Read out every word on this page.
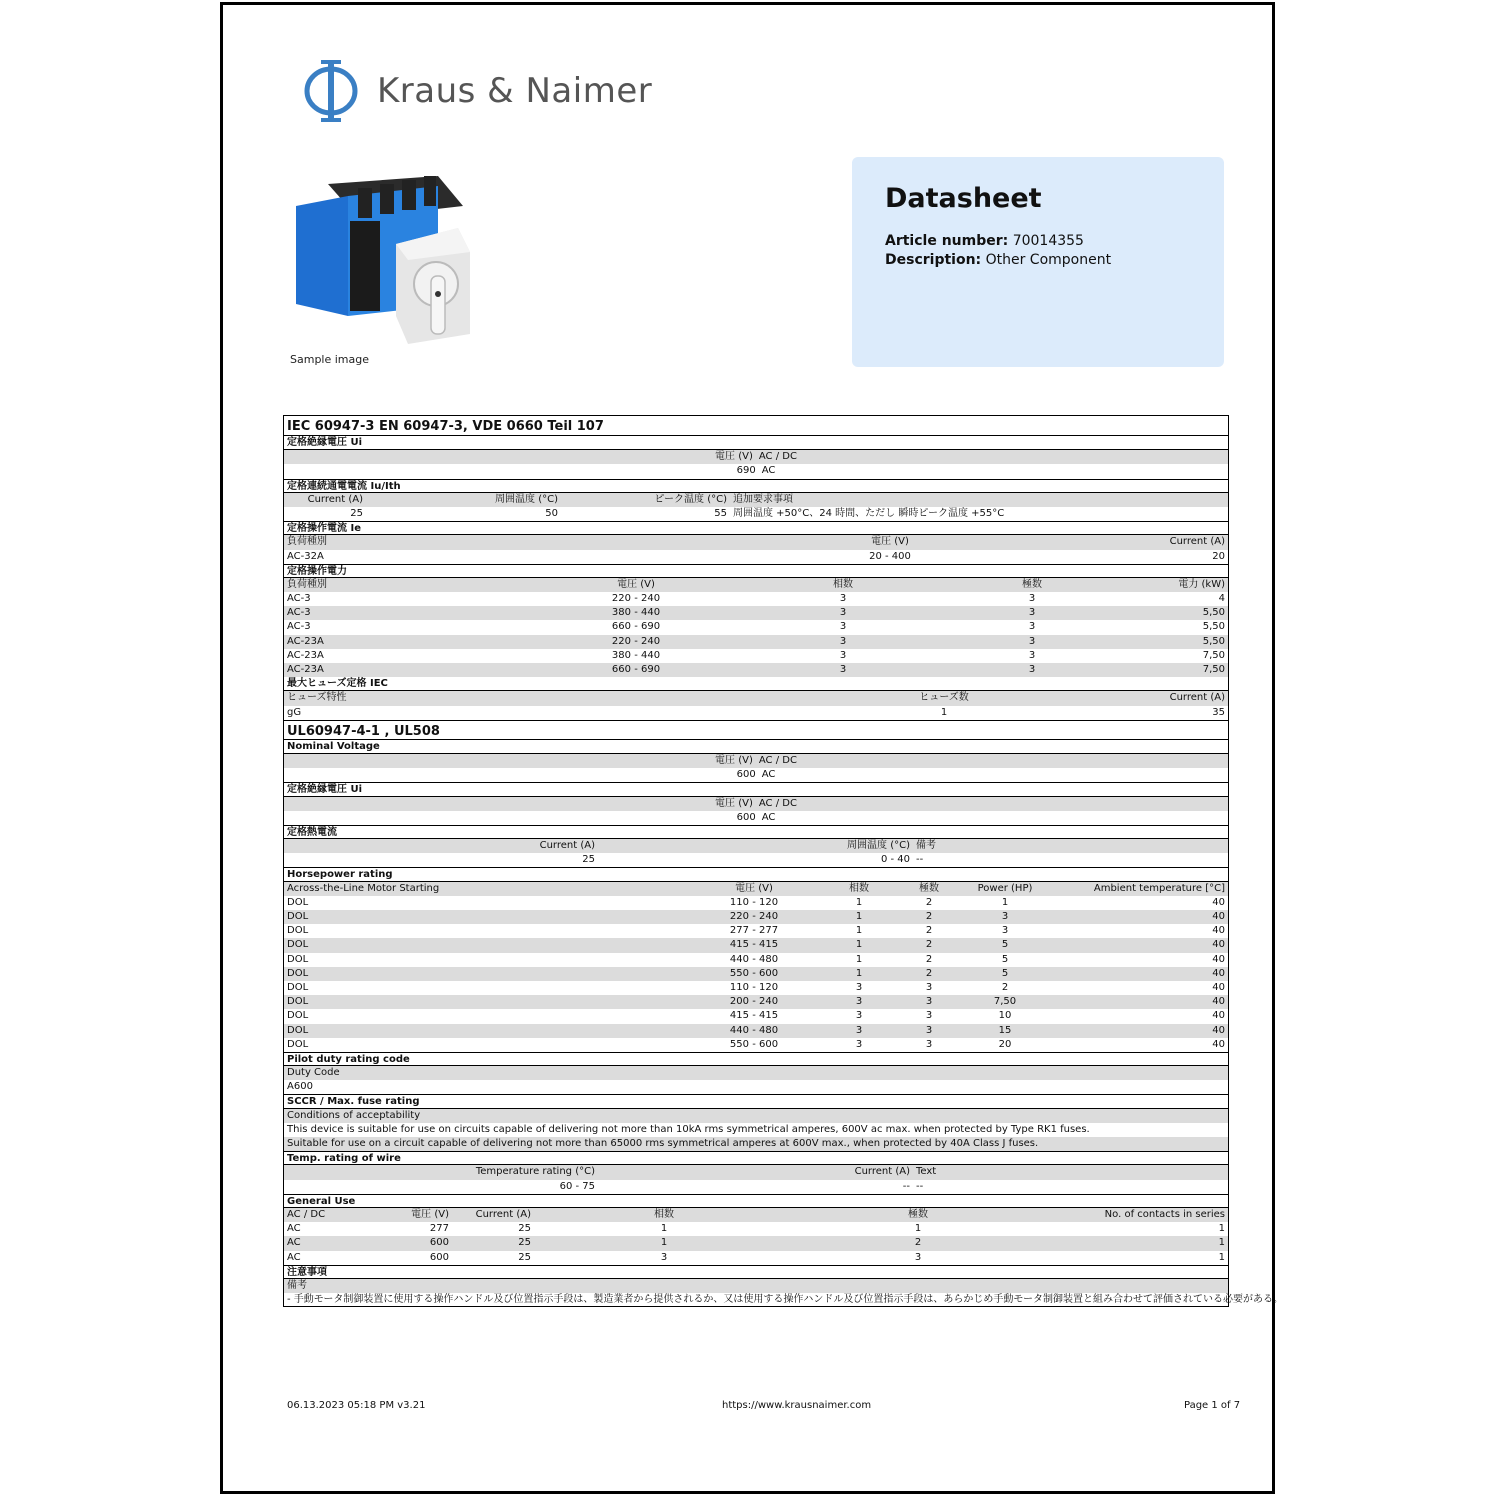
Kraus & Naimer
Sample image
Datasheet
Article number: 70014355
Description: Other Component
IEC 60947-3 EN 60947-3, VDE 0660 Teil 107
定格絶縁電圧 Ui
電圧 (V) AC / DC
690 AC
定格連続通電電流 Iu/Ith
Current (A)	周囲温度 (°C)	ピーク温度 (°C) 追加要求事項
25	50	55 周囲温度 +50°C、24 時間、ただし 瞬時ピーク温度 +55°C
定格操作電流 Ie
負荷種別	電圧 (V)	Current (A)
AC-32A	20 - 400	20
定格操作電力
負荷種別	電圧 (V)	相数	極数	電力 (kW)
AC-3	220 - 240	3	3	4
AC-3	380 - 440	3	3	5,50
AC-3	660 - 690	3	3	5,50
AC-23A	220 - 240	3	3	5,50
AC-23A	380 - 440	3	3	7,50
AC-23A	660 - 690	3	3	7,50
最大ヒューズ定格 IEC
ヒューズ特性	ヒューズ数	Current (A)
gG	1	35
UL60947-4-1 , UL508
Nominal Voltage
電圧 (V) AC / DC
600 AC
定格絶縁電圧 Ui
電圧 (V) AC / DC
600 AC
定格熱電流
Current (A)	周囲温度 (°C) 備考
25	0 - 40 --
Horsepower rating
Across-the-Line Motor Starting	電圧 (V)	相数	極数	Power (HP)	Ambient temperature [°C]
DOL	110 - 120	1	2	1	40
DOL	220 - 240	1	2	3	40
DOL	277 - 277	1	2	3	40
DOL	415 - 415	1	2	5	40
DOL	440 - 480	1	2	5	40
DOL	550 - 600	1	2	5	40
DOL	110 - 120	3	3	2	40
DOL	200 - 240	3	3	7,50	40
DOL	415 - 415	3	3	10	40
DOL	440 - 480	3	3	15	40
DOL	550 - 600	3	3	20	40
Pilot duty rating code
Duty Code
A600
SCCR / Max. fuse rating
Conditions of acceptability
This device is suitable for use on circuits capable of delivering not more than 10kA rms symmetrical amperes, 600V ac max. when protected by Type RK1 fuses.
Suitable for use on a circuit capable of delivering not more than 65000 rms symmetrical amperes at 600V max., when protected by 40A Class J fuses.
Temp. rating of wire
Temperature rating (°C)	Current (A) Text
60 - 75	-- --
General Use
AC / DC	電圧 (V)	Current (A)	相数	極数	No. of contacts in series
AC	277	25	1	1	1
AC	600	25	1	2	1
AC	600	25	3	3	1
注意事項
備考
- 手動モータ制御装置に使用する操作ハンドル及び位置指示手段は、製造業者から提供されるか、又は使用する操作ハンドル及び位置指示手段は、あらかじめ手動モータ制御装置と組み合わせて評価されている必要がある。
06.13.2023 05:18 PM v3.21	https://www.krausnaimer.com	Page 1 of 7
